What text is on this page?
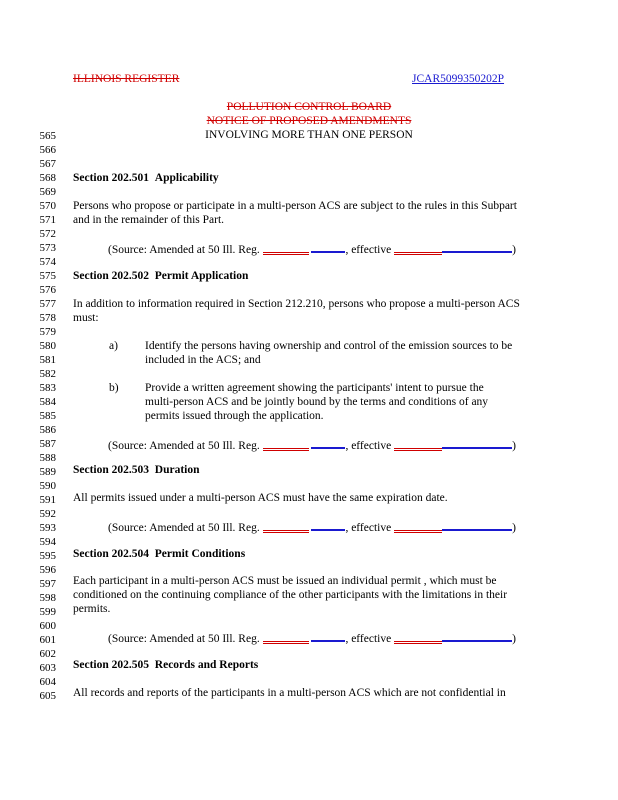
ILLINOIS REGISTER	JCAR5099350202P
POLLUTION CONTROL BOARD
NOTICE OF PROPOSED AMENDMENTS
INVOLVING MORE THAN ONE PERSON
565
566
567
568
569
570
571
572
573
574
575
576
577
578
579
580
581
582
583
584
585
586
587
588
589
590
591
592
593
594
595
596
597
598
599
600
601
602
603
604
605
Section 202.501 Applicability
Persons who propose or participate in a multi-person ACS are subject to the rules in this Subpart
and in the remainder of this Part.
(Source: Amended at 50 Ill. Reg.	, effective	)
Section 202.502 Permit Application
In addition to information required in Section 212.210, persons who propose a multi-person ACS
must:
a) Identify the persons having ownership and control of the emission sources to be
included in the ACS; and
b) Provide a written agreement showing the participants' intent to pursue the
multi-person ACS and be jointly bound by the terms and conditions of any
permits issued through the application.
(Source: Amended at 50 Ill. Reg.	, effective	)
Section 202.503 Duration
All permits issued under a multi-person ACS must have the same expiration date.
(Source: Amended at 50 Ill. Reg.	, effective	)
Section 202.504 Permit Conditions
Each participant in a multi-person ACS must be issued an individual permit , which must be
conditioned on the continuing compliance of the other participants with the limitations in their
permits.
(Source: Amended at 50 Ill. Reg.	, effective	)
Section 202.505 Records and Reports
All records and reports of the participants in a multi-person ACS which are not confidential in
